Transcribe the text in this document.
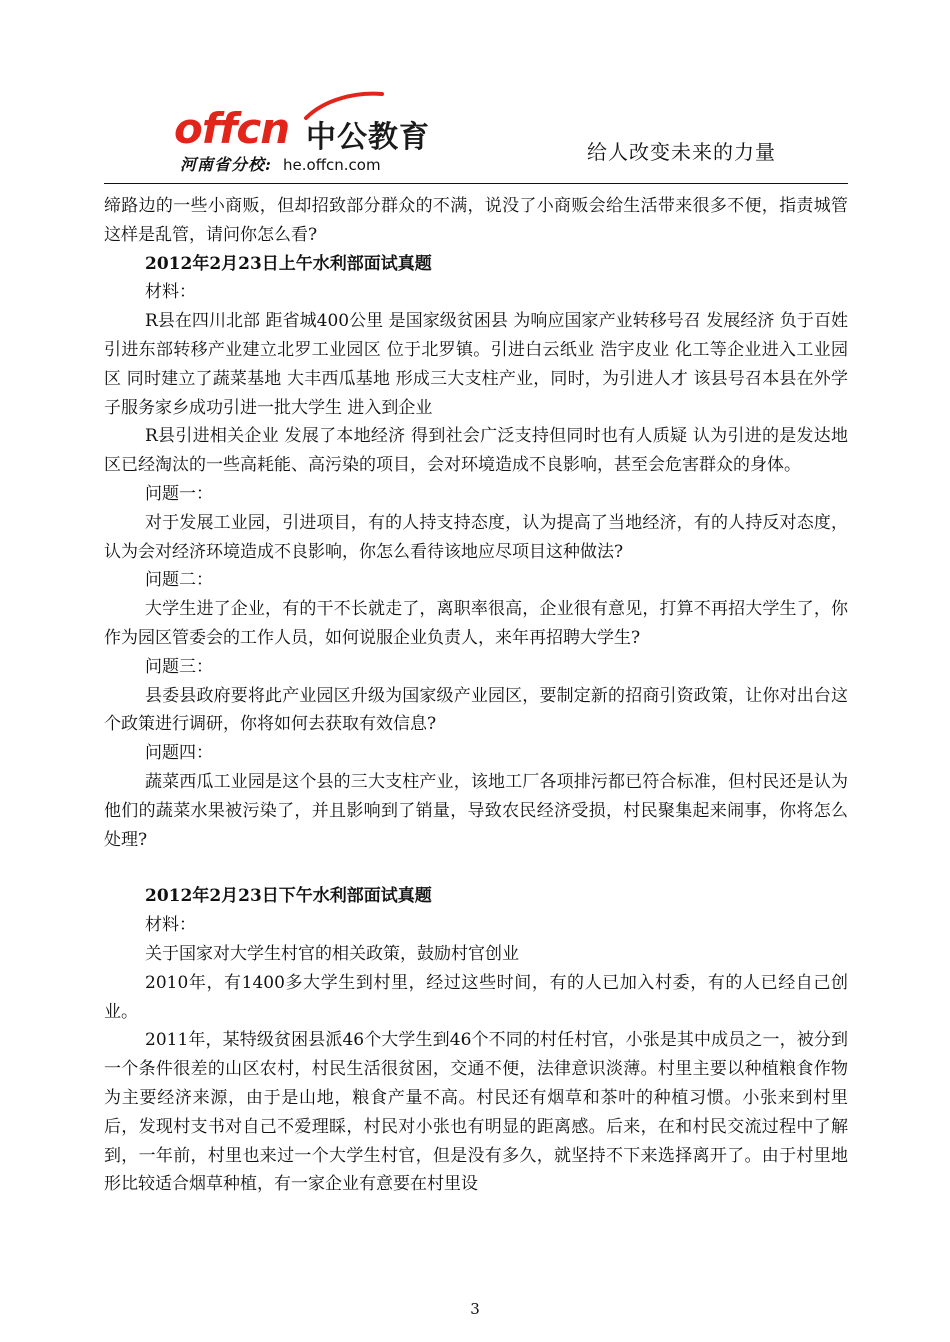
offcn 中公教育
河南省分校: he.offcn.com
给人改变未来的力量

缔路边的一些小商贩，但却招致部分群众的不满，说没了小商贩会给生活带来很多不便，指责城管这样是乱管，请问你怎么看?

2012年2月23日上午水利部面试真题

材料：

R县在四川北部 距省城400公里 是国家级贫困县 为响应国家产业转移号召 发展经济 负于百姓 引进东部转移产业建立北罗工业园区 位于北罗镇。引进白云纸业 浩宇皮业 化工等企业进入工业园区 同时建立了蔬菜基地 大丰西瓜基地 形成三大支柱产业，同时，为引进人才 该县号召本县在外学子服务家乡成功引进一批大学生 进入到企业

R县引进相关企业 发展了本地经济 得到社会广泛支持但同时也有人质疑 认为引进的是发达地区已经淘汰的一些高耗能、高污染的项目，会对环境造成不良影响，甚至会危害群众的身体。

问题一：

对于发展工业园，引进项目，有的人持支持态度，认为提高了当地经济，有的人持反对态度，认为会对经济环境造成不良影响，你怎么看待该地应尽项目这种做法?

问题二：

大学生进了企业，有的干不长就走了，离职率很高，企业很有意见，打算不再招大学生了，你作为园区管委会的工作人员，如何说服企业负责人，来年再招聘大学生?

问题三：

县委县政府要将此产业园区升级为国家级产业园区，要制定新的招商引资政策，让你对出台这个政策进行调研，你将如何去获取有效信息?

问题四：

蔬菜西瓜工业园是这个县的三大支柱产业，该地工厂各项排污都已符合标准，但村民还是认为他们的蔬菜水果被污染了，并且影响到了销量，导致农民经济受损，村民聚集起来闹事，你将怎么处理?

2012年2月23日下午水利部面试真题

材料：

关于国家对大学生村官的相关政策，鼓励村官创业

2010年，有1400多大学生到村里，经过这些时间，有的人已加入村委，有的人已经自己创业。

2011年，某特级贫困县派46个大学生到46个不同的村任村官，小张是其中成员之一，被分到一个条件很差的山区农村，村民生活很贫困，交通不便，法律意识淡薄。村里主要以种植粮食作物为主要经济来源，由于是山地，粮食产量不高。村民还有烟草和茶叶的种植习惯。小张来到村里后，发现村支书对自己不爱理睬，村民对小张也有明显的距离感。后来，在和村民交流过程中了解到，一年前，村里也来过一个大学生村官，但是没有多久，就坚持不下来选择离开了。由于村里地形比较适合烟草种植，有一家企业有意要在村里设

3
